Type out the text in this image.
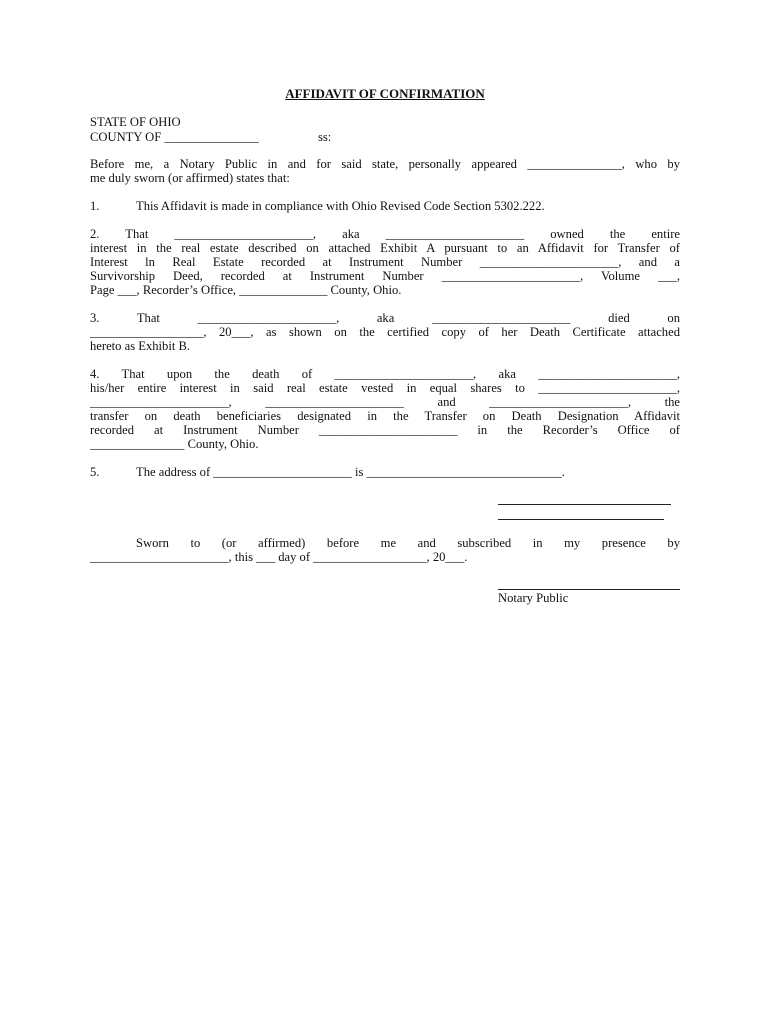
AFFIDAVIT OF CONFIRMATION
STATE OF OHIO
COUNTY OF _______________	ss:
Before me, a Notary Public in and for said state, personally appeared _______________, who by
me duly sworn (or affirmed) states that:
1.	This Affidavit is made in compliance with Ohio Revised Code Section 5302.222.
2. That ______________________, aka ______________________ owned the entire
interest in the real estate described on attached Exhibit A pursuant to an Affidavit for Transfer of
Interest ln Real Estate recorded at Instrument Number ______________________, and a
Survivorship Deed, recorded at Instrument Number ______________________, Volume ___,
Page ___, Recorder’s Office, ______________ County, Ohio.
3. That ______________________, aka ______________________ died on
__________________, 20___, as shown on the certified copy of her Death Certificate attached
hereto as Exhibit B.
4. That upon the death of ______________________, aka ______________________,
his/her entire interest in said real estate vested in equal shares to ______________________,
______________________, ______________________ and ______________________, the
transfer on death beneficiaries designated in the Transfer on Death Designation Affidavit
recorded at Instrument Number ______________________ in the Recorder’s Office of
_______________ County, Ohio.
5.	The address of ______________________ is _______________________________.
Sworn to (or affirmed) before me and subscribed in my presence by
______________________, this ___ day of __________________, 20___.
Notary Public
